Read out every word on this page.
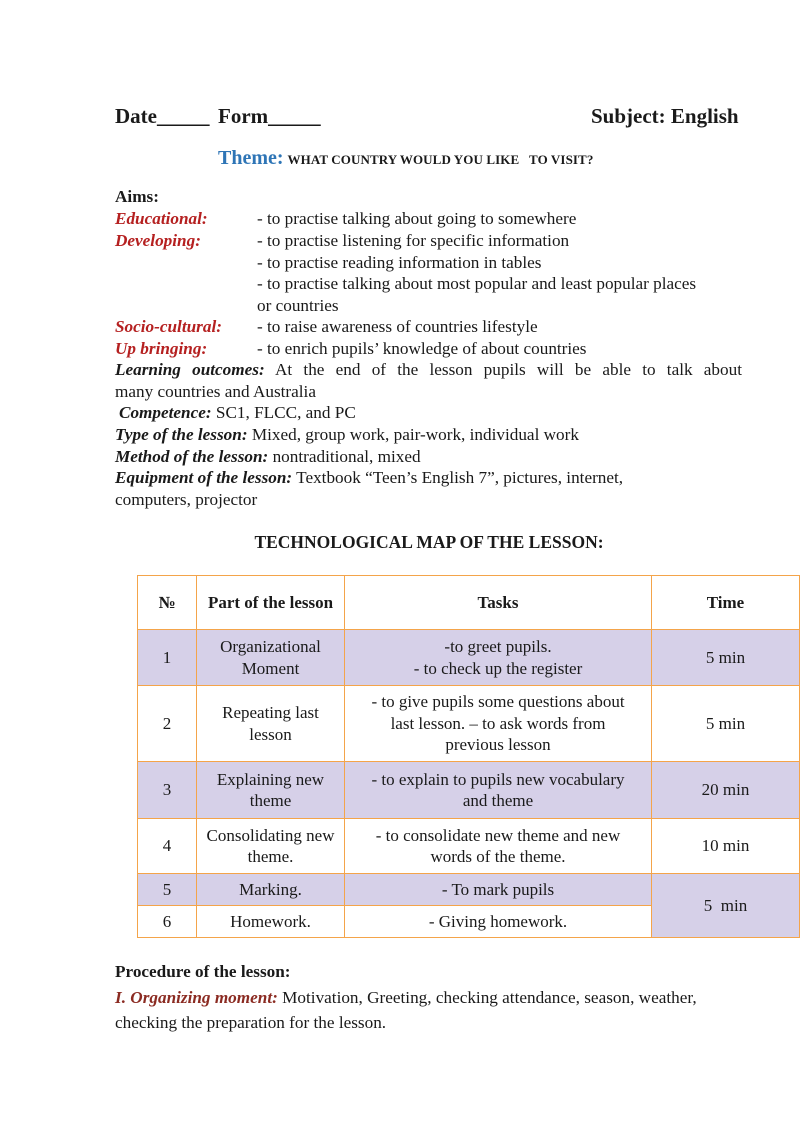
Date_____ Form_____	Subject: English
Theme: WHAT COUNTRY WOULD YOU LIKE   TO VISIT?
Aims:
Educational:	- to practise talking about going to somewhere
Developing:	- to practise listening for specific information
- to practise reading information in tables
- to practise talking about most popular and least popular places
or countries
Socio-cultural: - to raise awareness of countries lifestyle
Up bringing:	- to enrich pupils’ knowledge of about countries
Learning outcomes: At the end of the lesson pupils will be able to talk about
many countries and Australia
Competence: SC1, FLCC, and PC
Type of the lesson: Mixed, group work, pair-work, individual work
Method of the lesson: nontraditional, mixed
Equipment of the lesson: Textbook “Teen’s English 7”, pictures, internet,
computers, projector
TECHNOLOGICAL MAP OF THE LESSON:
№	Part of the lesson	Tasks	Time
1	Organizational Moment	-to greet pupils.
- to check up the register	5 min
2	Repeating last lesson	- to give pupils some questions about
last lesson. – to ask words from
previous lesson	5 min
3	Explaining new theme	- to explain to pupils new vocabulary
and theme	20 min
4	Consolidating new theme.	- to consolidate new theme and new
words of the theme.	10 min
5	Marking.	- To mark pupils	5  min
6	Homework.	- Giving homework.	
Procedure of the lesson:
I. Organizing moment: Motivation, Greeting, checking attendance, season, weather, checking the preparation for the lesson.
